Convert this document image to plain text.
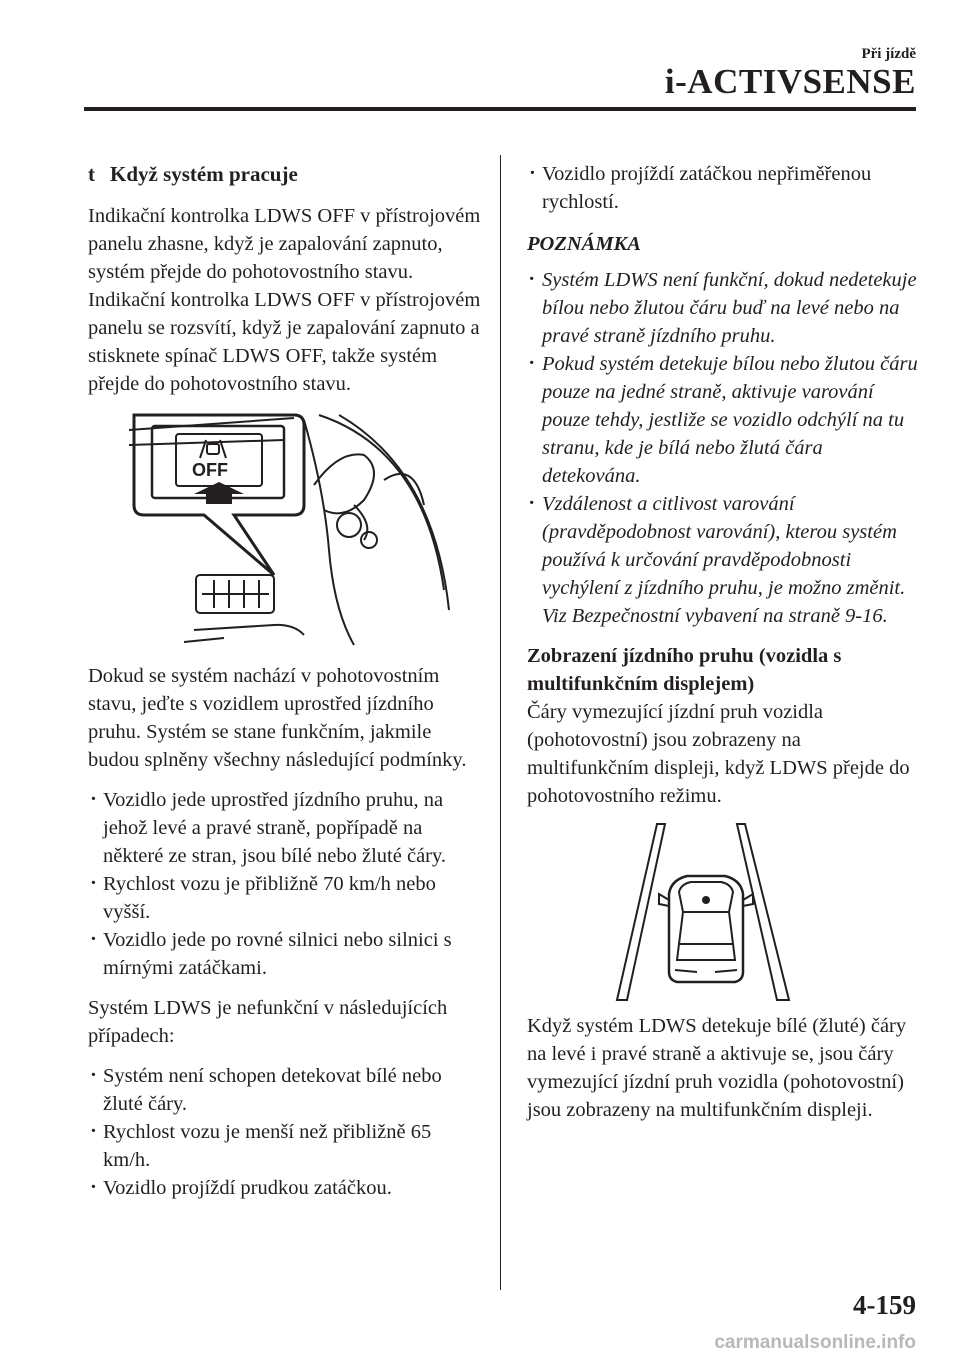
Při jízdě
i-ACTIVSENSE

t Když systém pracuje

Indikační kontrolka LDWS OFF v přístrojovém panelu zhasne, když je zapalování zapnuto, systém přejde do pohotovostního stavu.

Indikační kontrolka LDWS OFF v přístrojovém panelu se rozsvítí, když je zapalování zapnuto a stisknete spínač LDWS OFF, takže systém přejde do pohotovostního stavu.

OFF

Dokud se systém nachází v pohotovostním stavu, jeďte s vozidlem uprostřed jízdního pruhu. Systém se stane funkčním, jakmile budou splněny všechny následující podmínky.

· Vozidlo jede uprostřed jízdního pruhu, na jehož levé a pravé straně, popřípadě na některé ze stran, jsou bílé nebo žluté čáry.
· Rychlost vozu je přibližně 70 km/h nebo vyšší.
· Vozidlo jede po rovné silnici nebo silnici s mírnými zatáčkami.

Systém LDWS je nefunkční v následujících případech:

· Systém není schopen detekovat bílé nebo žluté čáry.
· Rychlost vozu je menší než přibližně 65 km/h.
· Vozidlo projíždí prudkou zatáčkou.
· Vozidlo projíždí zatáčkou nepřiměřenou rychlostí.

POZNÁMKA

· Systém LDWS není funkční, dokud nedetekuje bílou nebo žlutou čáru buď na levé nebo na pravé straně jízdního pruhu.
· Pokud systém detekuje bílou nebo žlutou čáru pouze na jedné straně, aktivuje varování pouze tehdy, jestliže se vozidlo odchýlí na tu stranu, kde je bílá nebo žlutá čára detekována.
· Vzdálenost a citlivost varování (pravděpodobnost varování), kterou systém používá k určování pravděpodobnosti vychýlení z jízdního pruhu, je možno změnit. Viz Bezpečnostní vybavení na straně 9-16.

Zobrazení jízdního pruhu (vozidla s multifunkčním displejem)

Čáry vymezující jízdní pruh vozidla (pohotovostní) jsou zobrazeny na multifunkčním displeji, když LDWS přejde do pohotovostního režimu.

Když systém LDWS detekuje bílé (žluté) čáry na levé i pravé straně a aktivuje se, jsou čáry vymezující jízdní pruh vozidla (pohotovostní) jsou zobrazeny na multifunkčním displeji.

4-159
carmanualsonline.info
